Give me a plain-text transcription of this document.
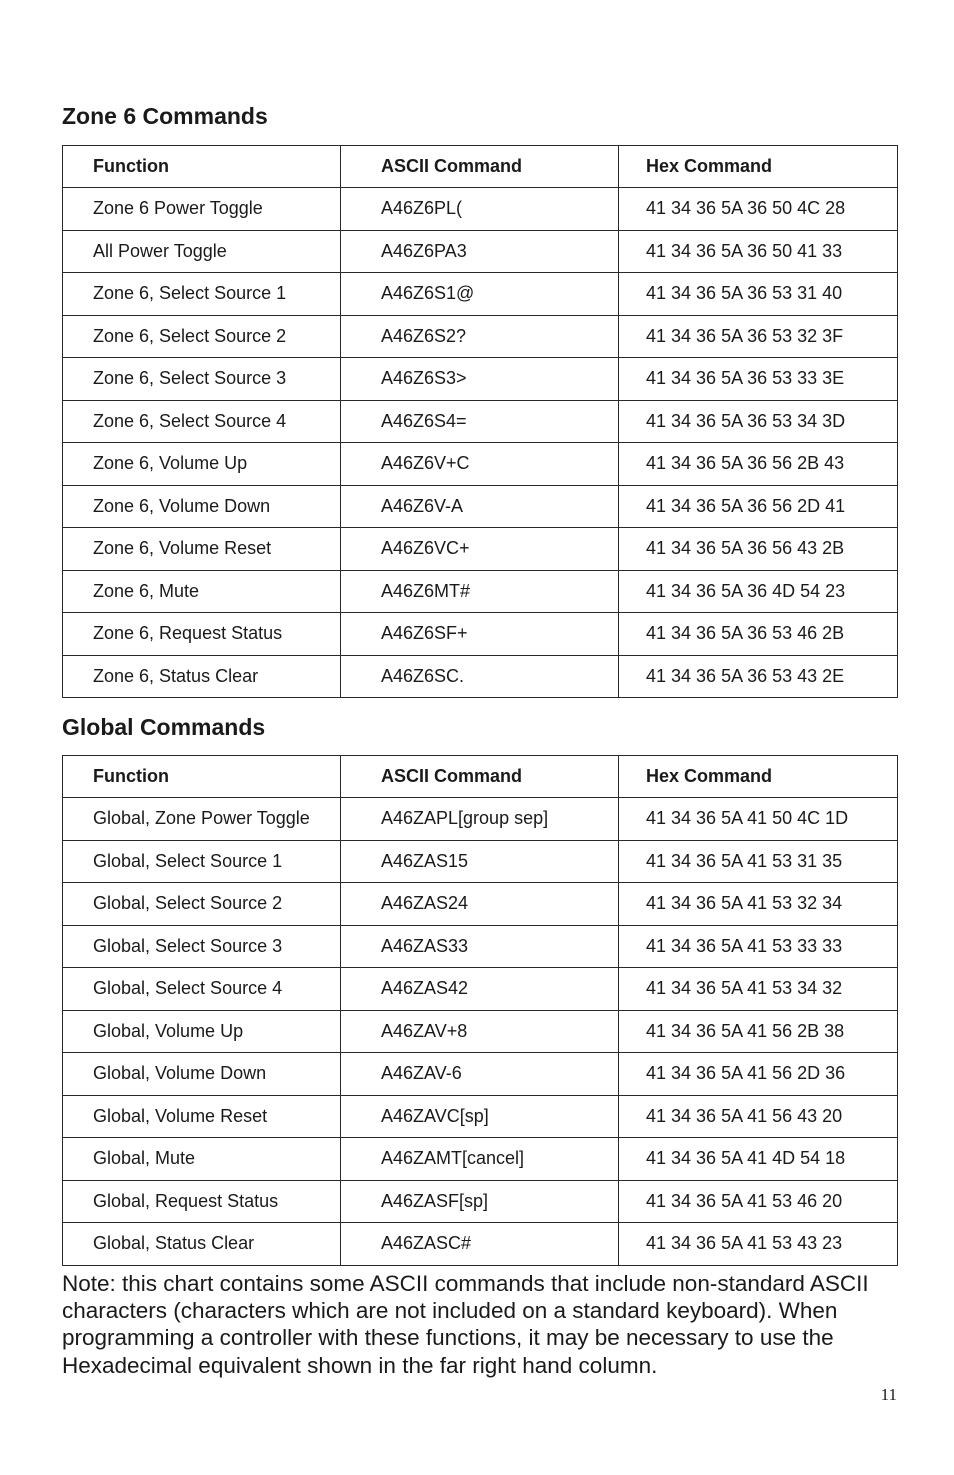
Zone 6 Commands
Function	ASCII Command	Hex Command
Zone 6 Power Toggle	A46Z6PL(	41 34 36 5A 36 50 4C 28
All Power Toggle	A46Z6PA3	41 34 36 5A 36 50 41 33
Zone 6, Select Source 1	A46Z6S1@	41 34 36 5A 36 53 31 40
Zone 6, Select Source 2	A46Z6S2?	41 34 36 5A 36 53 32 3F
Zone 6, Select Source 3	A46Z6S3>	41 34 36 5A 36 53 33 3E
Zone 6, Select Source 4	A46Z6S4=	41 34 36 5A 36 53 34 3D
Zone 6, Volume Up	A46Z6V+C	41 34 36 5A 36 56 2B 43
Zone 6, Volume Down	A46Z6V-A	41 34 36 5A 36 56 2D 41
Zone 6, Volume Reset	A46Z6VC+	41 34 36 5A 36 56 43 2B
Zone 6, Mute	A46Z6MT#	41 34 36 5A 36 4D 54 23
Zone 6, Request Status	A46Z6SF+	41 34 36 5A 36 53 46 2B
Zone 6, Status Clear	A46Z6SC.	41 34 36 5A 36 53 43 2E
Global Commands
Function	ASCII Command	Hex Command
Global, Zone Power Toggle	A46ZAPL[group sep]	41 34 36 5A 41 50 4C 1D
Global, Select Source 1	A46ZAS15	41 34 36 5A 41 53 31 35
Global, Select Source 2	A46ZAS24	41 34 36 5A 41 53 32 34
Global, Select Source 3	A46ZAS33	41 34 36 5A 41 53 33 33
Global, Select Source 4	A46ZAS42	41 34 36 5A 41 53 34 32
Global, Volume Up	A46ZAV+8	41 34 36 5A 41 56 2B 38
Global, Volume Down	A46ZAV-6	41 34 36 5A 41 56 2D 36
Global, Volume Reset	A46ZAVC[sp]	41 34 36 5A 41 56 43 20
Global, Mute	A46ZAMT[cancel]	41 34 36 5A 41 4D 54 18
Global, Request Status	A46ZASF[sp]	41 34 36 5A 41 53 46 20
Global, Status Clear	A46ZASC#	41 34 36 5A 41 53 43 23

Note: this chart contains some ASCII commands that include non-standard ASCII characters (characters which are not included on a standard keyboard). When programming a controller with these functions, it may be necessary to use the Hexadecimal equivalent shown in the far right hand column.

11
